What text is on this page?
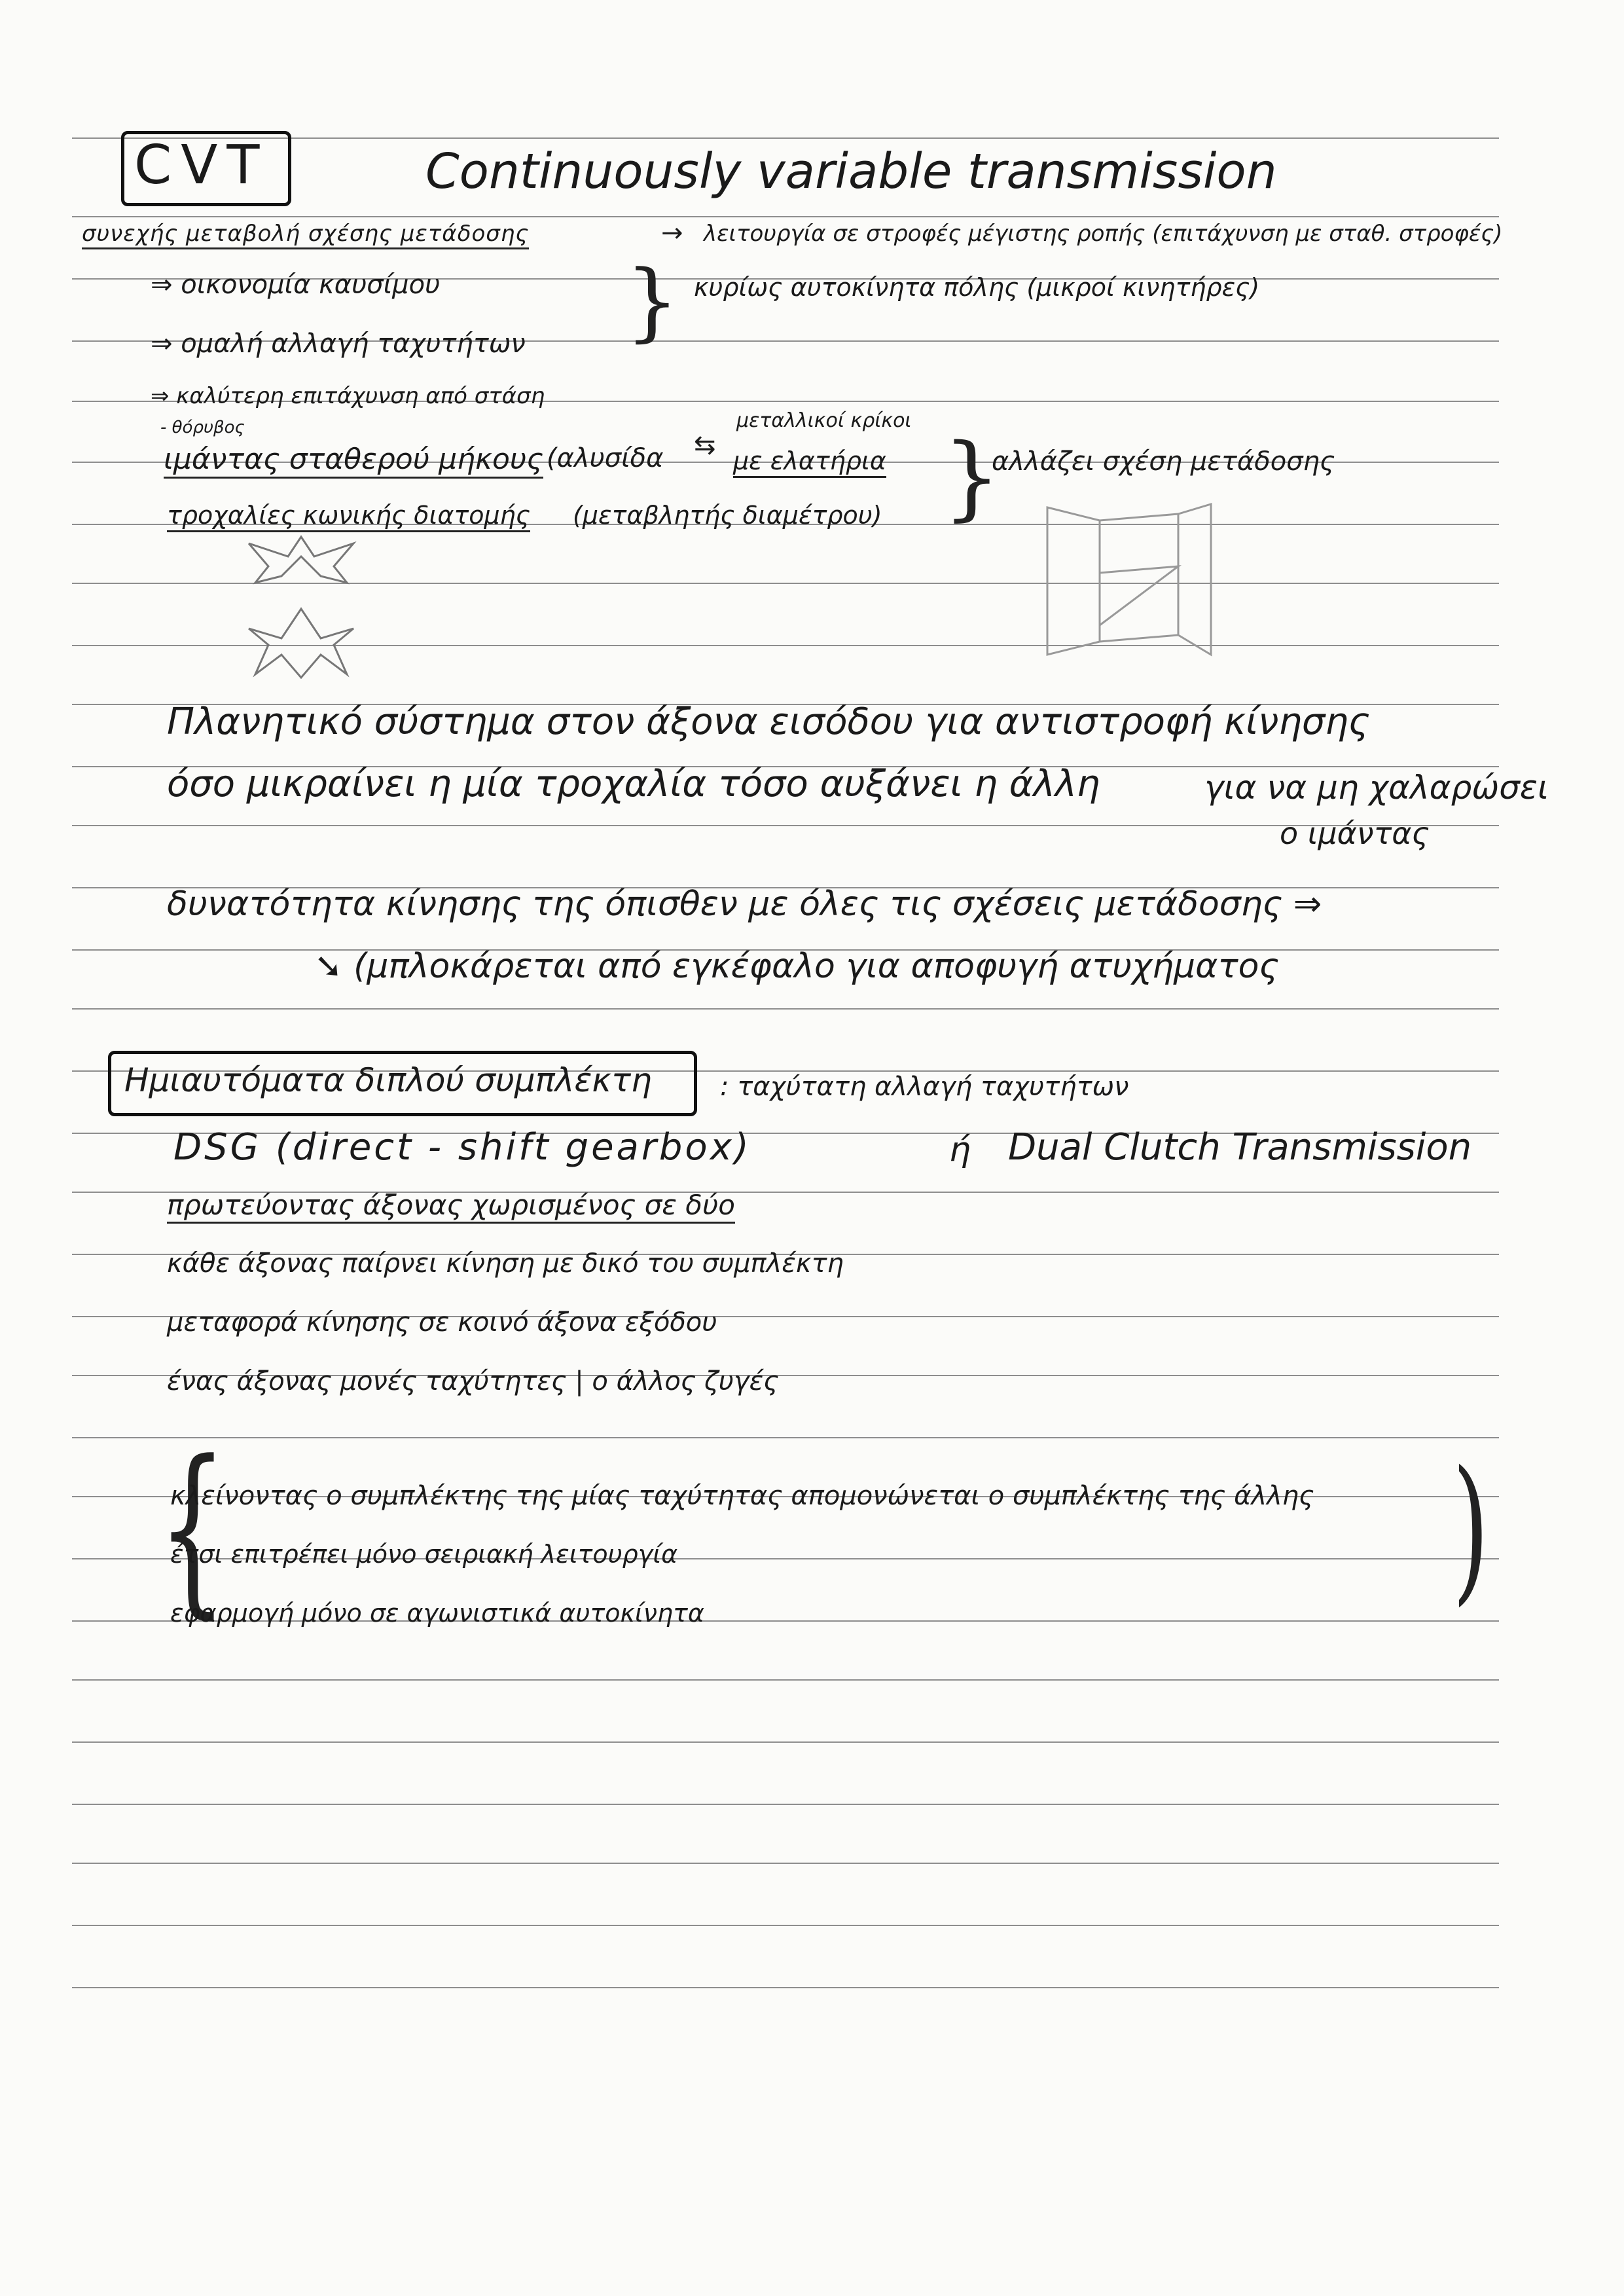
CVT	Continuously variable transmission
συνεχής μεταβολή σχέσης μετάδοσης	→ λειτουργία σε στροφές μέγιστης ροπής (επιτάχυνση με σταθ. στροφές)
⇒ οικονομία καυσίμου
⇒ ομαλή αλλαγή ταχυτήτων
⇒ καλύτερη επιτάχυνση από στάση
} κυρίως αυτοκίνητα πόλης (μικροί κινητήρες)
- θόρυβος
ιμάντας σταθερού μήκους (αλυσίδα ⇆
μεταλλικοί κρίκοι
με ελατήρια }
αλλάζει σχέση μετάδοσης
τροχαλίες κωνικής διατομής (μεταβλητής διαμέτρου)
Πλανητικό σύστημα στον άξονα εισόδου για αντιστροφή κίνησης
όσο μικραίνει η μία τροχαλία τόσο αυξάνει η άλλη	για να μη χαλαρώσει
ο ιμάντας
δυνατότητα κίνησης της όπισθεν με όλες τις σχέσεις μετάδοσης ⇒
➘ (μπλοκάρεται από εγκέφαλο για αποφυγή ατυχήματος
Ημιαυτόματα διπλού συμπλέκτη	: ταχύτατη αλλαγή ταχυτήτων
DSG (direct - shift gearbox)	ή Dual Clutch Transmission
πρωτεύοντας άξονας χωρισμένος σε δύο
κάθε άξονας παίρνει κίνηση με δικό του συμπλέκτη
μεταφορά κίνησης σε κοινό άξονα εξόδου
ένας άξονας μονές ταχύτητες | ο άλλος ζυγές
{
κλείνοντας ο συμπλέκτης της μίας ταχύτητας απομονώνεται ο συμπλέκτης της άλλης
έτσι επιτρέπει μόνο σειριακή λειτουργία
εφαρμογή μόνο σε αγωνιστικά αυτοκίνητα	)
